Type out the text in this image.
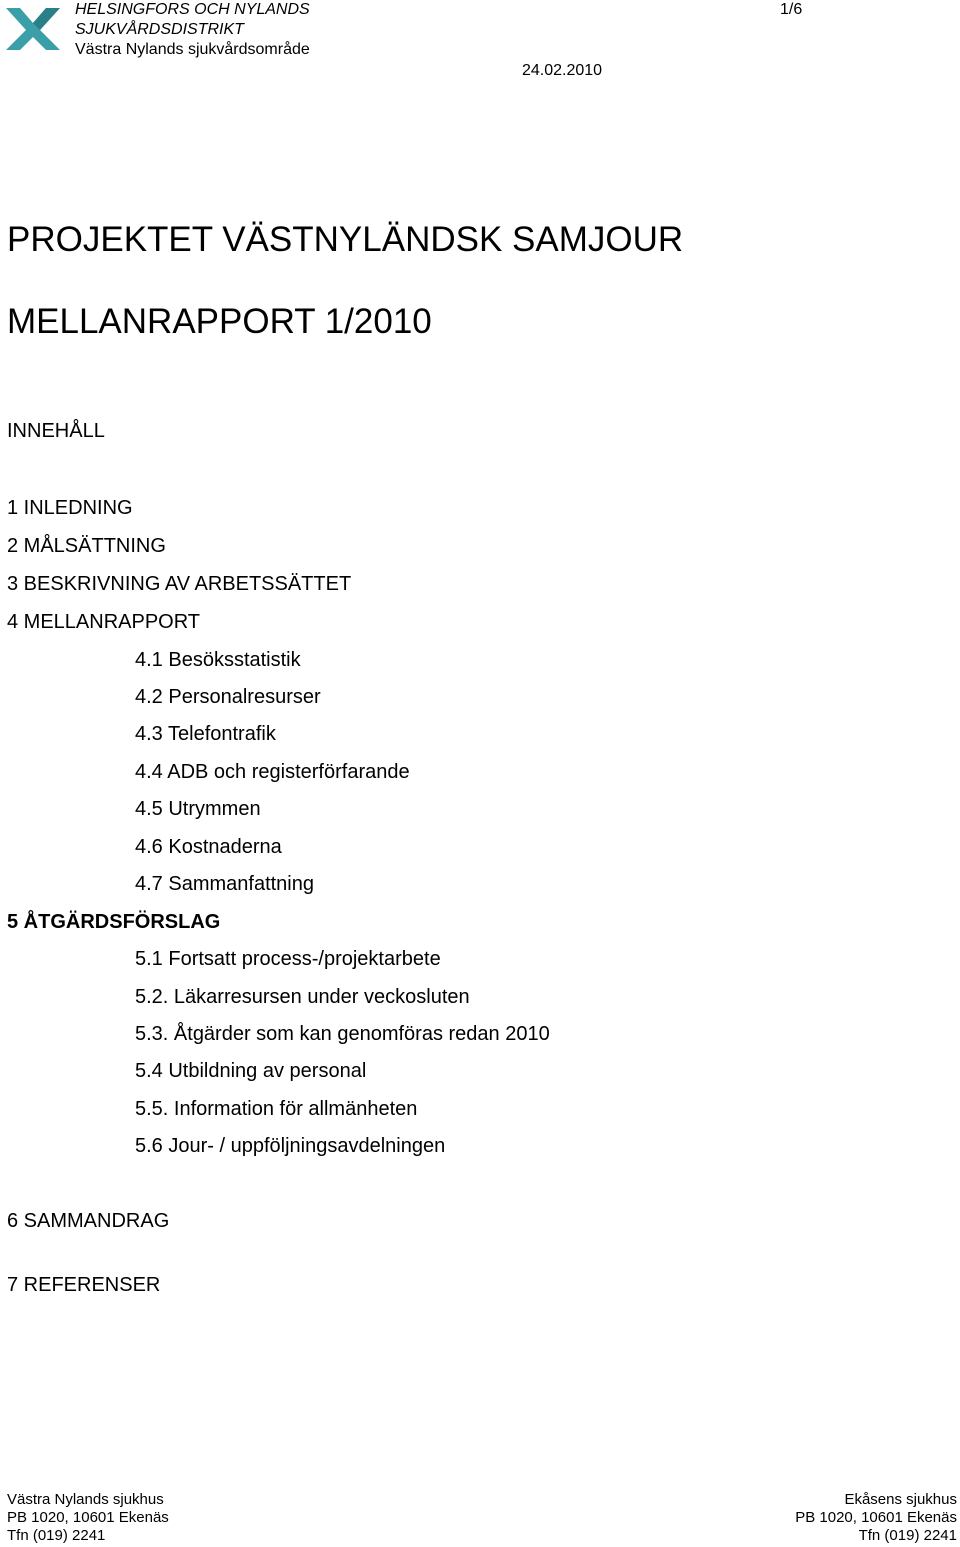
HELSINGFORS OCH NYLANDS
SJUKVÅRDSDISTRIKT
Västra Nylands sjukvårdsområde
1/6
24.02.2010
PROJEKTET VÄSTNYLÄNDSK SAMJOUR
MELLANRAPPORT 1/2010
INNEHÅLL
1 INLEDNING
2 MÅLSÄTTNING
3 BESKRIVNING AV ARBETSSÄTTET
4 MELLANRAPPORT
4.1 Besöksstatistik
4.2 Personalresurser
4.3 Telefontrafik
4.4 ADB och registerförfarande
4.5 Utrymmen
4.6 Kostnaderna
4.7 Sammanfattning
5 ÅTGÄRDSFÖRSLAG
5.1 Fortsatt process-/projektarbete
5.2. Läkarresursen under veckosluten
5.3. Åtgärder som kan genomföras redan 2010
5.4 Utbildning av personal
5.5. Information för allmänheten
5.6 Jour- / uppföljningsavdelningen
6 SAMMANDRAG
7 REFERENSER
Västra Nylands sjukhus
PB 1020, 10601 Ekenäs
Tfn (019) 2241
Ekåsens sjukhus
PB 1020, 10601 Ekenäs
Tfn (019) 2241
